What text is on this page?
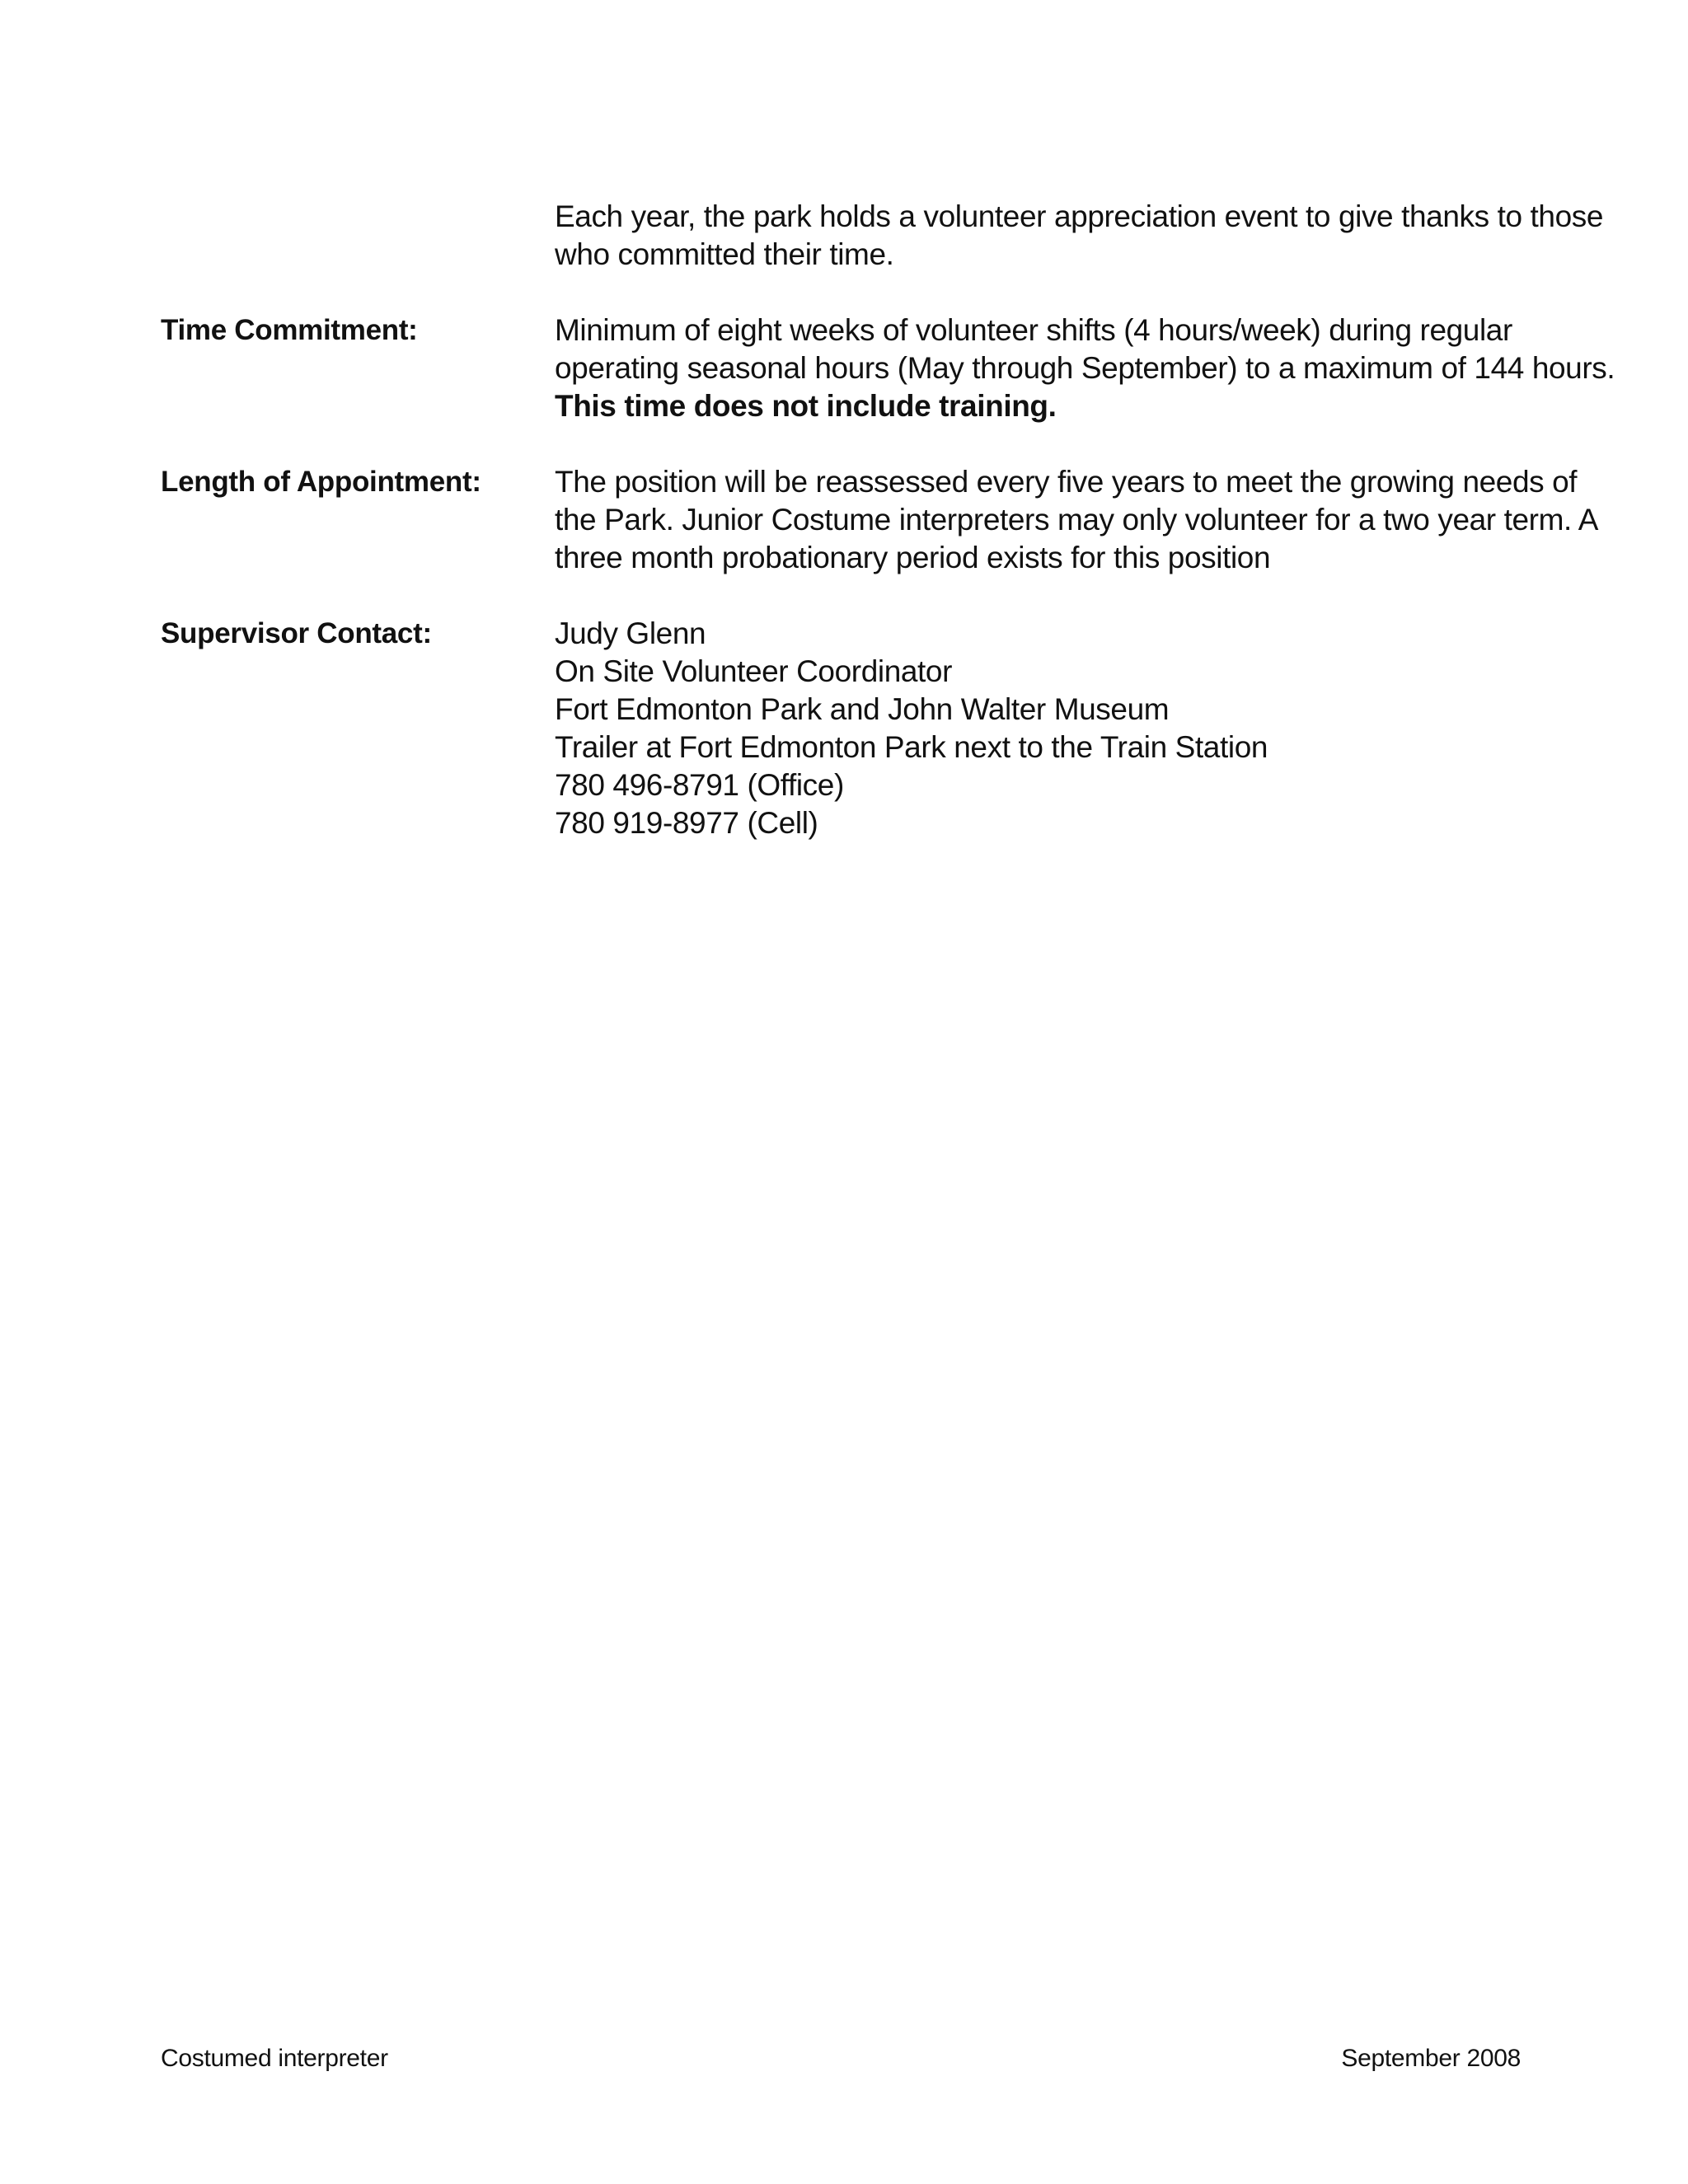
Each year, the park holds a volunteer appreciation event to give thanks to those
who committed their time.
Time Commitment:	Minimum of eight weeks of volunteer shifts (4 hours/week) during regular
operating seasonal hours (May through September) to a maximum of 144 hours.
This time does not include training.
Length of Appointment:	The position will be reassessed every five years to meet the growing needs of
the Park. Junior Costume interpreters may only volunteer for a two year term. A
three month probationary period exists for this position
Supervisor Contact:	Judy Glenn
On Site Volunteer Coordinator
Fort Edmonton Park and John Walter Museum
Trailer at Fort Edmonton Park next to the Train Station
780 496-8791 (Office)
780 919-8977 (Cell)
Costumed interpreter	September 2008
